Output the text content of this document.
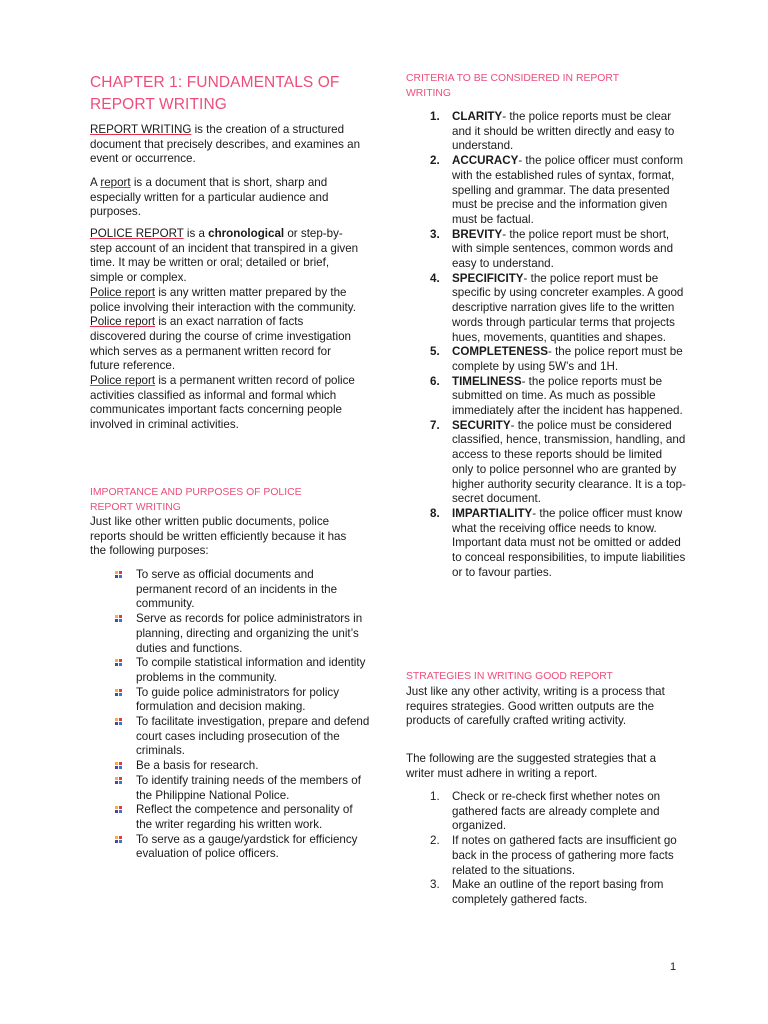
CHAPTER 1: FUNDAMENTALS OF REPORT WRITING

REPORT WRITING is the creation of a structured document that precisely describes, and examines an event or occurrence.

A report is a document that is short, sharp and especially written for a particular audience and purposes.

POLICE REPORT is a chronological or step-by-step account of an incident that transpired in a given time. It may be written or oral; detailed or brief, simple or complex.
Police report is any written matter prepared by the police involving their interaction with the community.
Police report is an exact narration of facts discovered during the course of crime investigation which serves as a permanent written record for future reference.
Police report is a permanent written record of police activities classified as informal and formal which communicates important facts concerning people involved in criminal activities.
IMPORTANCE AND PURPOSES OF POLICE REPORT WRITING

Just like other written public documents, police reports should be written efficiently because it has the following purposes:

To serve as official documents and permanent record of an incidents in the community.
Serve as records for police administrators in planning, directing and organizing the unit’s duties and functions.
To compile statistical information and identity problems in the community.
To guide police administrators for policy formulation and decision making.
To facilitate investigation, prepare and defend court cases including prosecution of the criminals.
Be a basis for research.
To identify training needs of the members of the Philippine National Police.
Reflect the competence and personality of the writer regarding his written work.
To serve as a gauge/yardstick for efficiency evaluation of police officers.
CRITERIA TO BE CONSIDERED IN REPORT WRITING
1. CLARITY- the police reports must be clear and it should be written directly and easy to understand.
2. ACCURACY- the police officer must conform with the established rules of syntax, format, spelling and grammar. The data presented must be precise and the information given must be factual.
3. BREVITY- the police report must be short, with simple sentences, common words and easy to understand.
4. SPECIFICITY- the police report must be specific by using concreter examples. A good descriptive narration gives life to the written words through particular terms that projects hues, movements, quantities and shapes.
5. COMPLETENESS- the police report must be complete by using 5W’s and 1H.
6. TIMELINESS- the police reports must be submitted on time. As much as possible immediately after the incident has happened.
7. SECURITY- the police must be considered classified, hence, transmission, handling, and access to these reports should be limited only to police personnel who are granted by higher authority security clearance. It is a top-secret document.
8. IMPARTIALITY- the police officer must know what the receiving office needs to know. Important data must not be omitted or added to conceal responsibilities, to impute liabilities or to favour parties.
STRATEGIES IN WRITING GOOD REPORT

Just like any other activity, writing is a process that requires strategies. Good written outputs are the products of carefully crafted writing activity.

The following are the suggested strategies that a writer must adhere in writing a report.

1. Check or re-check first whether notes on gathered facts are already complete and organized.
2. If notes on gathered facts are insufficient go back in the process of gathering more facts related to the situations.
3. Make an outline of the report basing from completely gathered facts.
1
